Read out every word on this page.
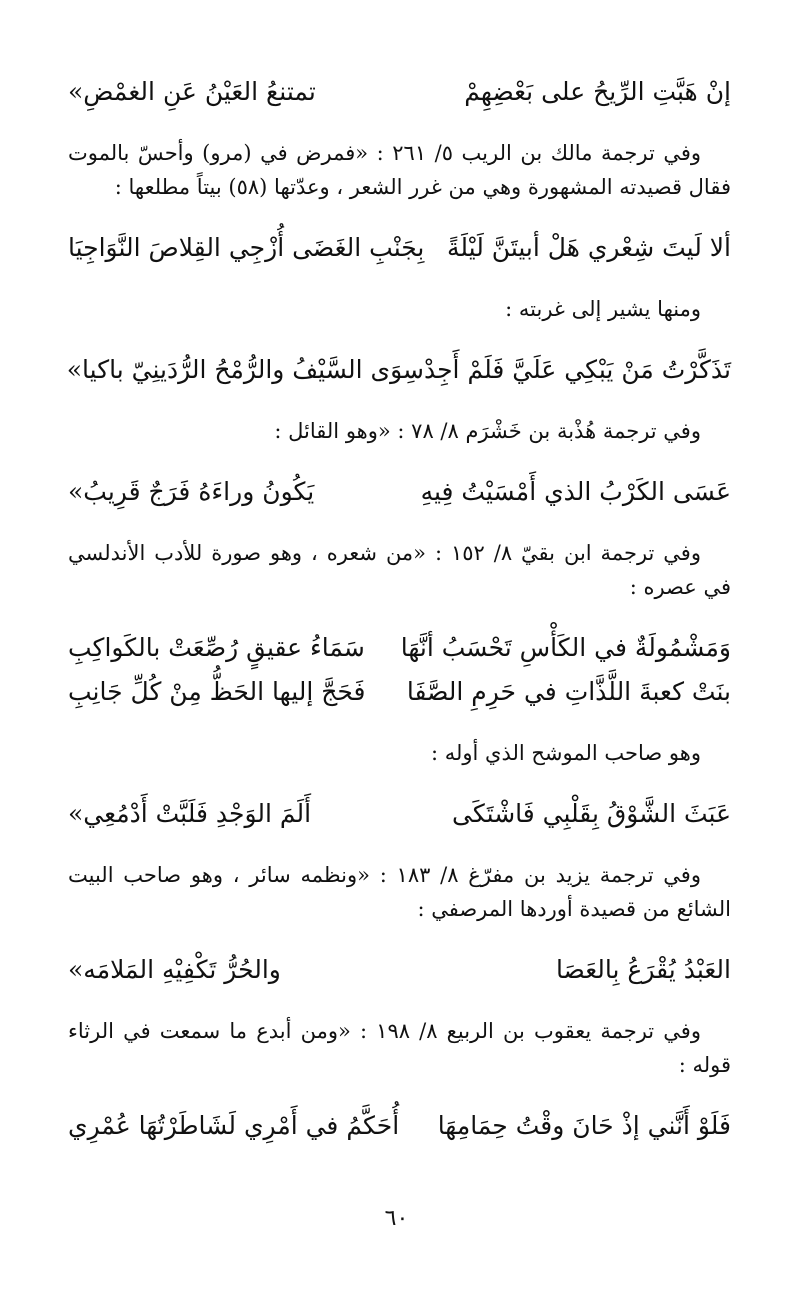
إنْ هَبَّتِ الرِّيحُ على بَعْضِهِمْ
تمتنعُ العَيْنُ عَنِ الغمْضِ»

وفي ترجمة مالك بن الريب ٥/ ٢٦١ : «فمرض في (مرو) وأحسّ بالموت فقال قصيدته المشهورة وهي من غرر الشعر ، وعدّتها (٥٨) بيتاً مطلعها :

ألا لَيتَ شِعْري هَلْ أبيتَنَّ لَيْلَةً
بِجَنْبِ الغَضَى أُزْجِي القِلاصَ النَّوَاجِيَا

ومنها يشير إلى غربته :

تَذَكَّرْتُ مَنْ يَبْكِي عَلَيَّ فَلَمْ أَجِدْ
سِوَى السَّيْفُ والرُّمْحُ الرُّدَينِيّ باكيا»

وفي ترجمة هُذْبة بن خَشْرَم ٨/ ٧٨ : «وهو القائل :

عَسَى الكَرْبُ الذي أَمْسَيْتُ فِيهِ
يَكُونُ وراءَهُ فَرَجٌ قَرِيبُ»

وفي ترجمة ابن بقيّ ٨/ ١٥٢ : «من شعره ، وهو صورة للأدب الأندلسي في عصره :

وَمَشْمُولَةٌ في الكَأْسِ تَحْسَبُ أنَّهَا
سَمَاءُ عقيقٍ رُصِّعَتْ بالكَواكِبِ
بنَتْ كعبةَ اللَّذَّاتِ في حَرِمِ الصَّفَا
فَحَجَّ إليها الحَظُّ مِنْ كُلِّ جَانِبِ

وهو صاحب الموشح الذي أوله :

عَبَثَ الشَّوْقُ بِقَلْبِي فَاشْتَكَى
أَلَمَ الوَجْدِ فَلَبَّتْ أَدْمُعِي»

وفي ترجمة يزيد بن مفرّغ ٨/ ١٨٣ : «ونظمه سائر ، وهو صاحب البيت الشائع من قصيدة أوردها المرصفي :

العَبْدُ يُقْرَعُ بِالعَصَا
والحُرُّ تَكْفِيْهِ المَلامَه»

وفي ترجمة يعقوب بن الربيع ٨/ ١٩٨ : «ومن أبدع ما سمعت في الرثاء قوله :

فَلَوْ أَنَّني إذْ حَانَ وقْتُ حِمَامِهَا
أُحَكَّمُ في أَمْرِي لَشَاطَرْتُهَا عُمْرِي
٦٠
